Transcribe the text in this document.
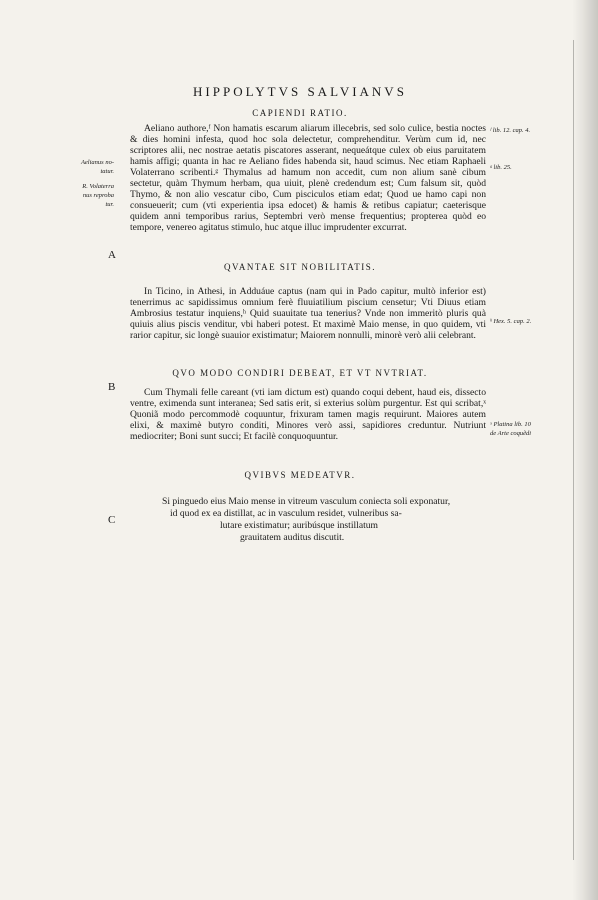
HIPPOLYTVS SALVIANVS
CAPIENDI RATIO.

Aeliano authore,ᶠ Non hamatis escarum aliarum illecebris, sed solo culice, bestia noctes & dies homini infesta, quod hoc sola delectetur, comprehenditur. Verùm cum id, nec scriptores alii, nec nostrae aetatis piscatores asserant, nequeátque culex ob eius paruitatem hamis affigi; quanta in hac re Aeliano fides habenda sit, haud scimus. Nec etiam Raphaeli Volaterrano scribenti.ᵍ Thymalus ad hamum non accedit, cum non alium sanè cibum sectetur, quàm Thymum herbam, qua uiuit, plenè credendum est; Cum falsum sit, quòd Thymo, & non alio vescatur cibo, Cum pisciculos etiam edat; Quod ue hamo capi non consueuerit; cum (vti experientia ipsa edocet) & hamis & retibus capiatur; caeterisque quidem anni temporibus rarius, Septembri verò mense frequentius; propterea quòd eo tempore, venereo agitatus stimulo, huc atque illuc imprudenter excurrat.

QVANTAE SIT NOBILITATIS.

In Ticino, in Athesi, in Adduáue captus (nam qui in Pado capitur, multò inferior est) tenerrimus ac sapidissimus omnium ferè fluuiatilium piscium censetur; Vti Diuus etiam Ambrosius testatur inquiens,ʰ Quid suauitate tua tenerius? Vnde non immeritò pluris quà quiuis alius piscis venditur, vbi haberi potest. Et maximè Maio mense, in quo quidem, vti rarior capitur, sic longè suauior existimatur; Maiorem nonnulli, minorè verò alii celebrant.

QVO MODO CONDIRI DEBEAT, ET VT NVTRIAT.

Cum Thymali felle careant (vti iam dictum est) quando coqui debent, haud eis, dissecto ventre, eximenda sunt interanea; Sed satis erit, si exterius solùm purgentur. Est qui scribat,ˣ Quoniã modo percommodè coquuntur, frixuram tamen magis requirunt. Maiores autem elixi, & maximè butyro conditi, Minores verò assi, sapidiores creduntur. Nutriunt mediocriter; Boni sunt succi; Et facilè conquoquuntur.

QVIBVS MEDEATVR.
Si pinguedo eius Maio mense in vitreum vasculum coniecta soli exponatur,
id quod ex ea distillat, ac in vasculum residet, vulneribus sa-
lutare existimatur; auribúsque instillatum
grauitatem auditus discutit.
Aelianus no-
tatur.
R. Volaterra
nus reproba
tur.
ᶠ lib. 12. cap. 4.
ᵍ lib. 25.
ʰ Hex. 5. cap. 2.
ˣ Platina lib. 10
de Arte coquẽdi
A
B
C
